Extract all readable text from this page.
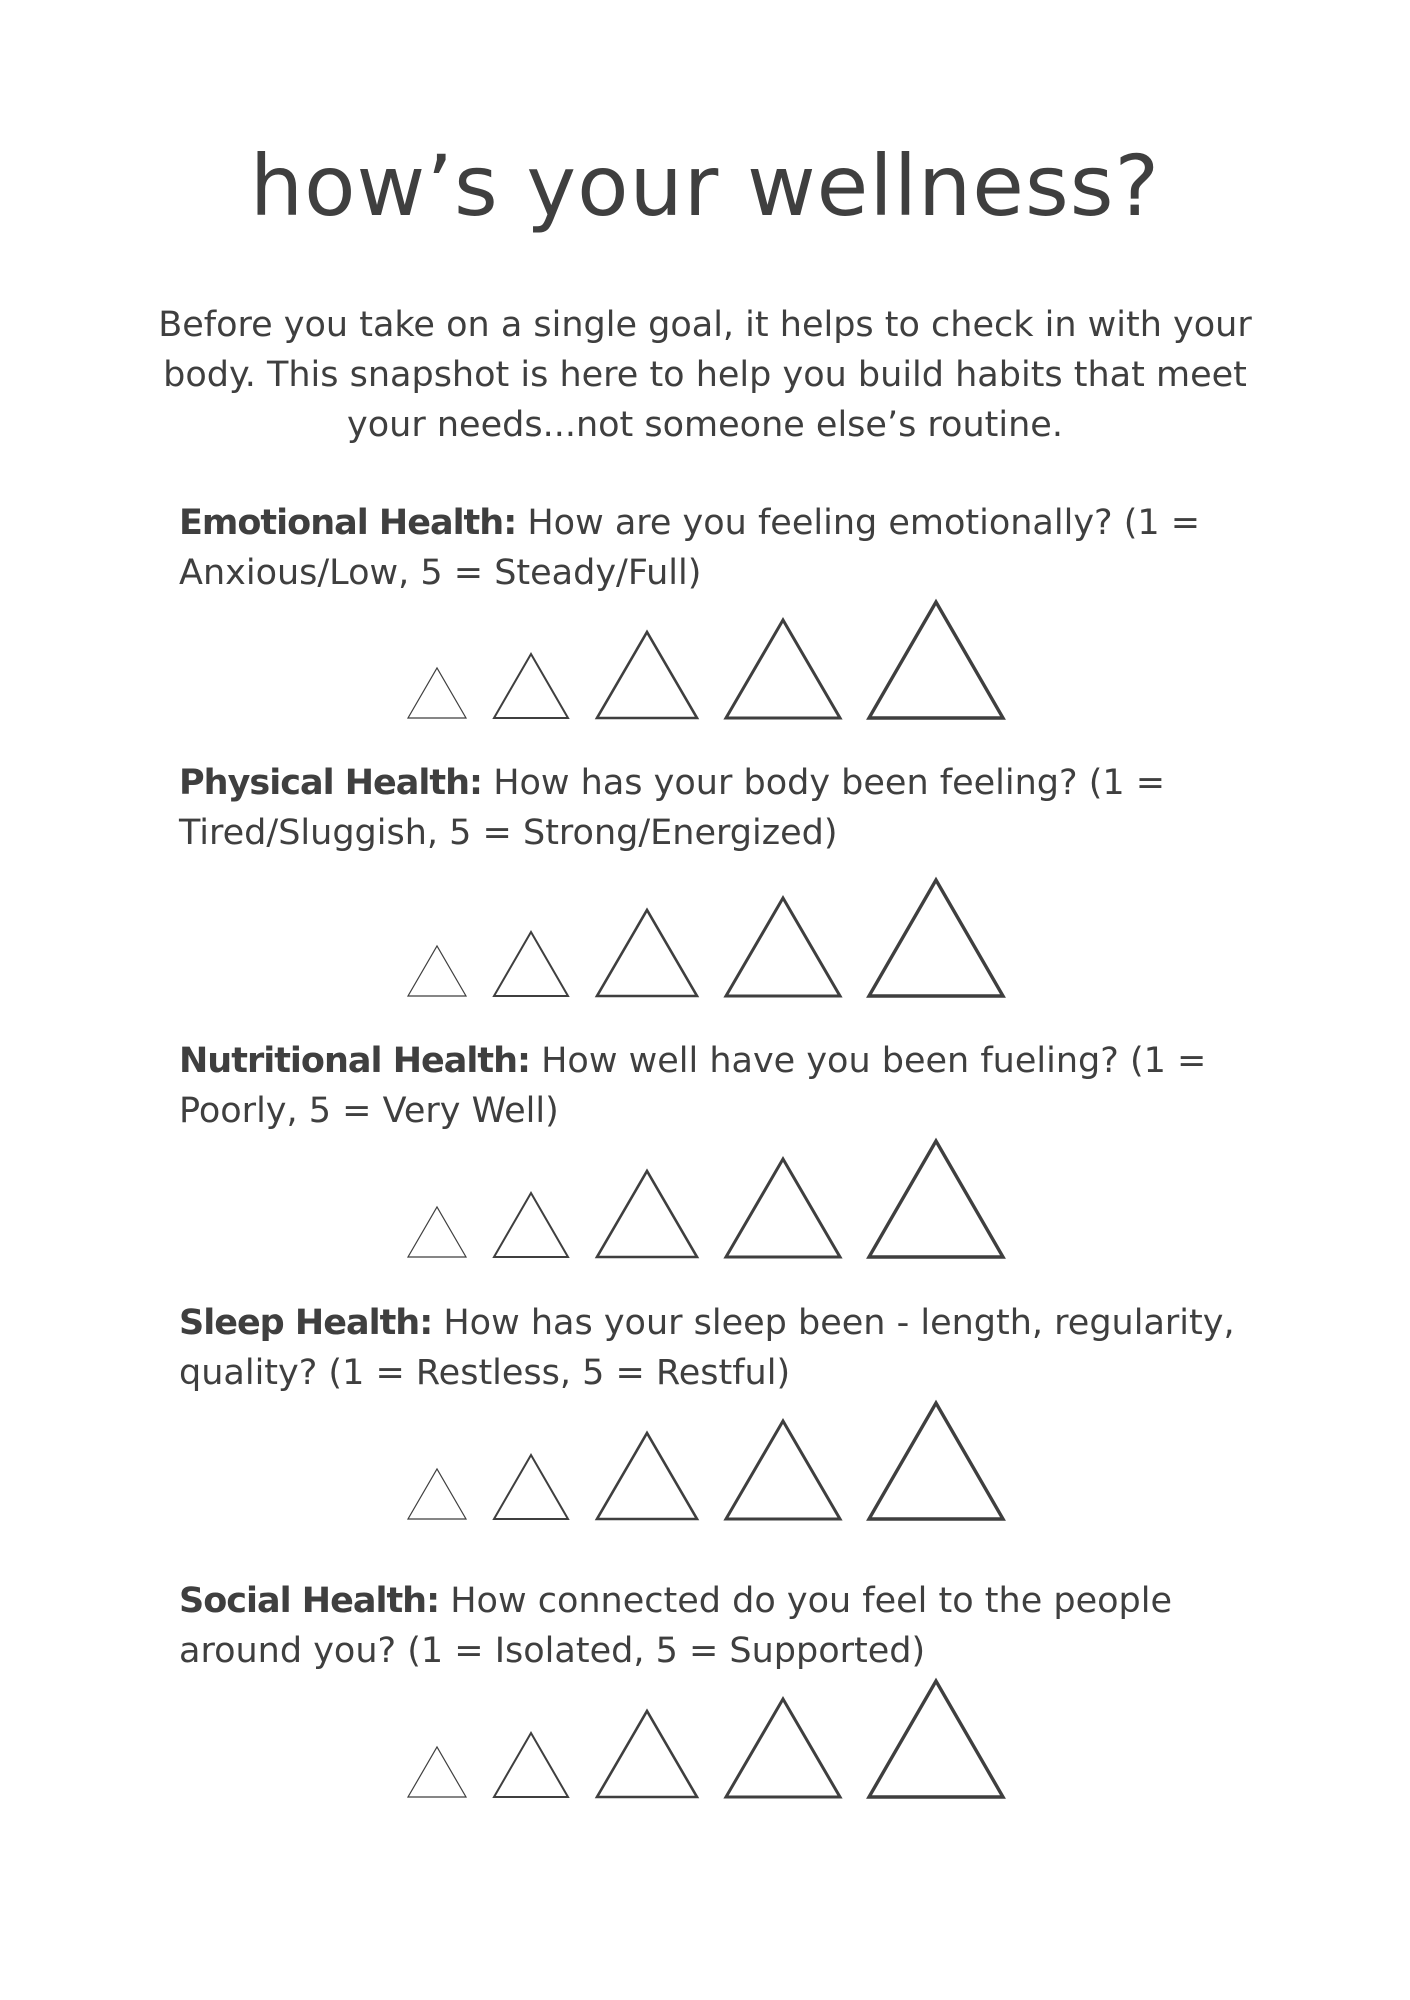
how’s your wellness?

Before you take on a single goal, it helps to check in with your body. This snapshot is here to help you build habits that meet your needs...not someone else’s routine.

Emotional Health: How are you feeling emotionally? (1 = Anxious/Low, 5 = Steady/Full)

Physical Health: How has your body been feeling? (1 = Tired/Sluggish, 5 = Strong/Energized)

Nutritional Health: How well have you been fueling? (1 = Poorly, 5 = Very Well)

Sleep Health: How has your sleep been - length, regularity, quality? (1 = Restless, 5 = Restful)

Social Health: How connected do you feel to the people around you? (1 = Isolated, 5 = Supported)
